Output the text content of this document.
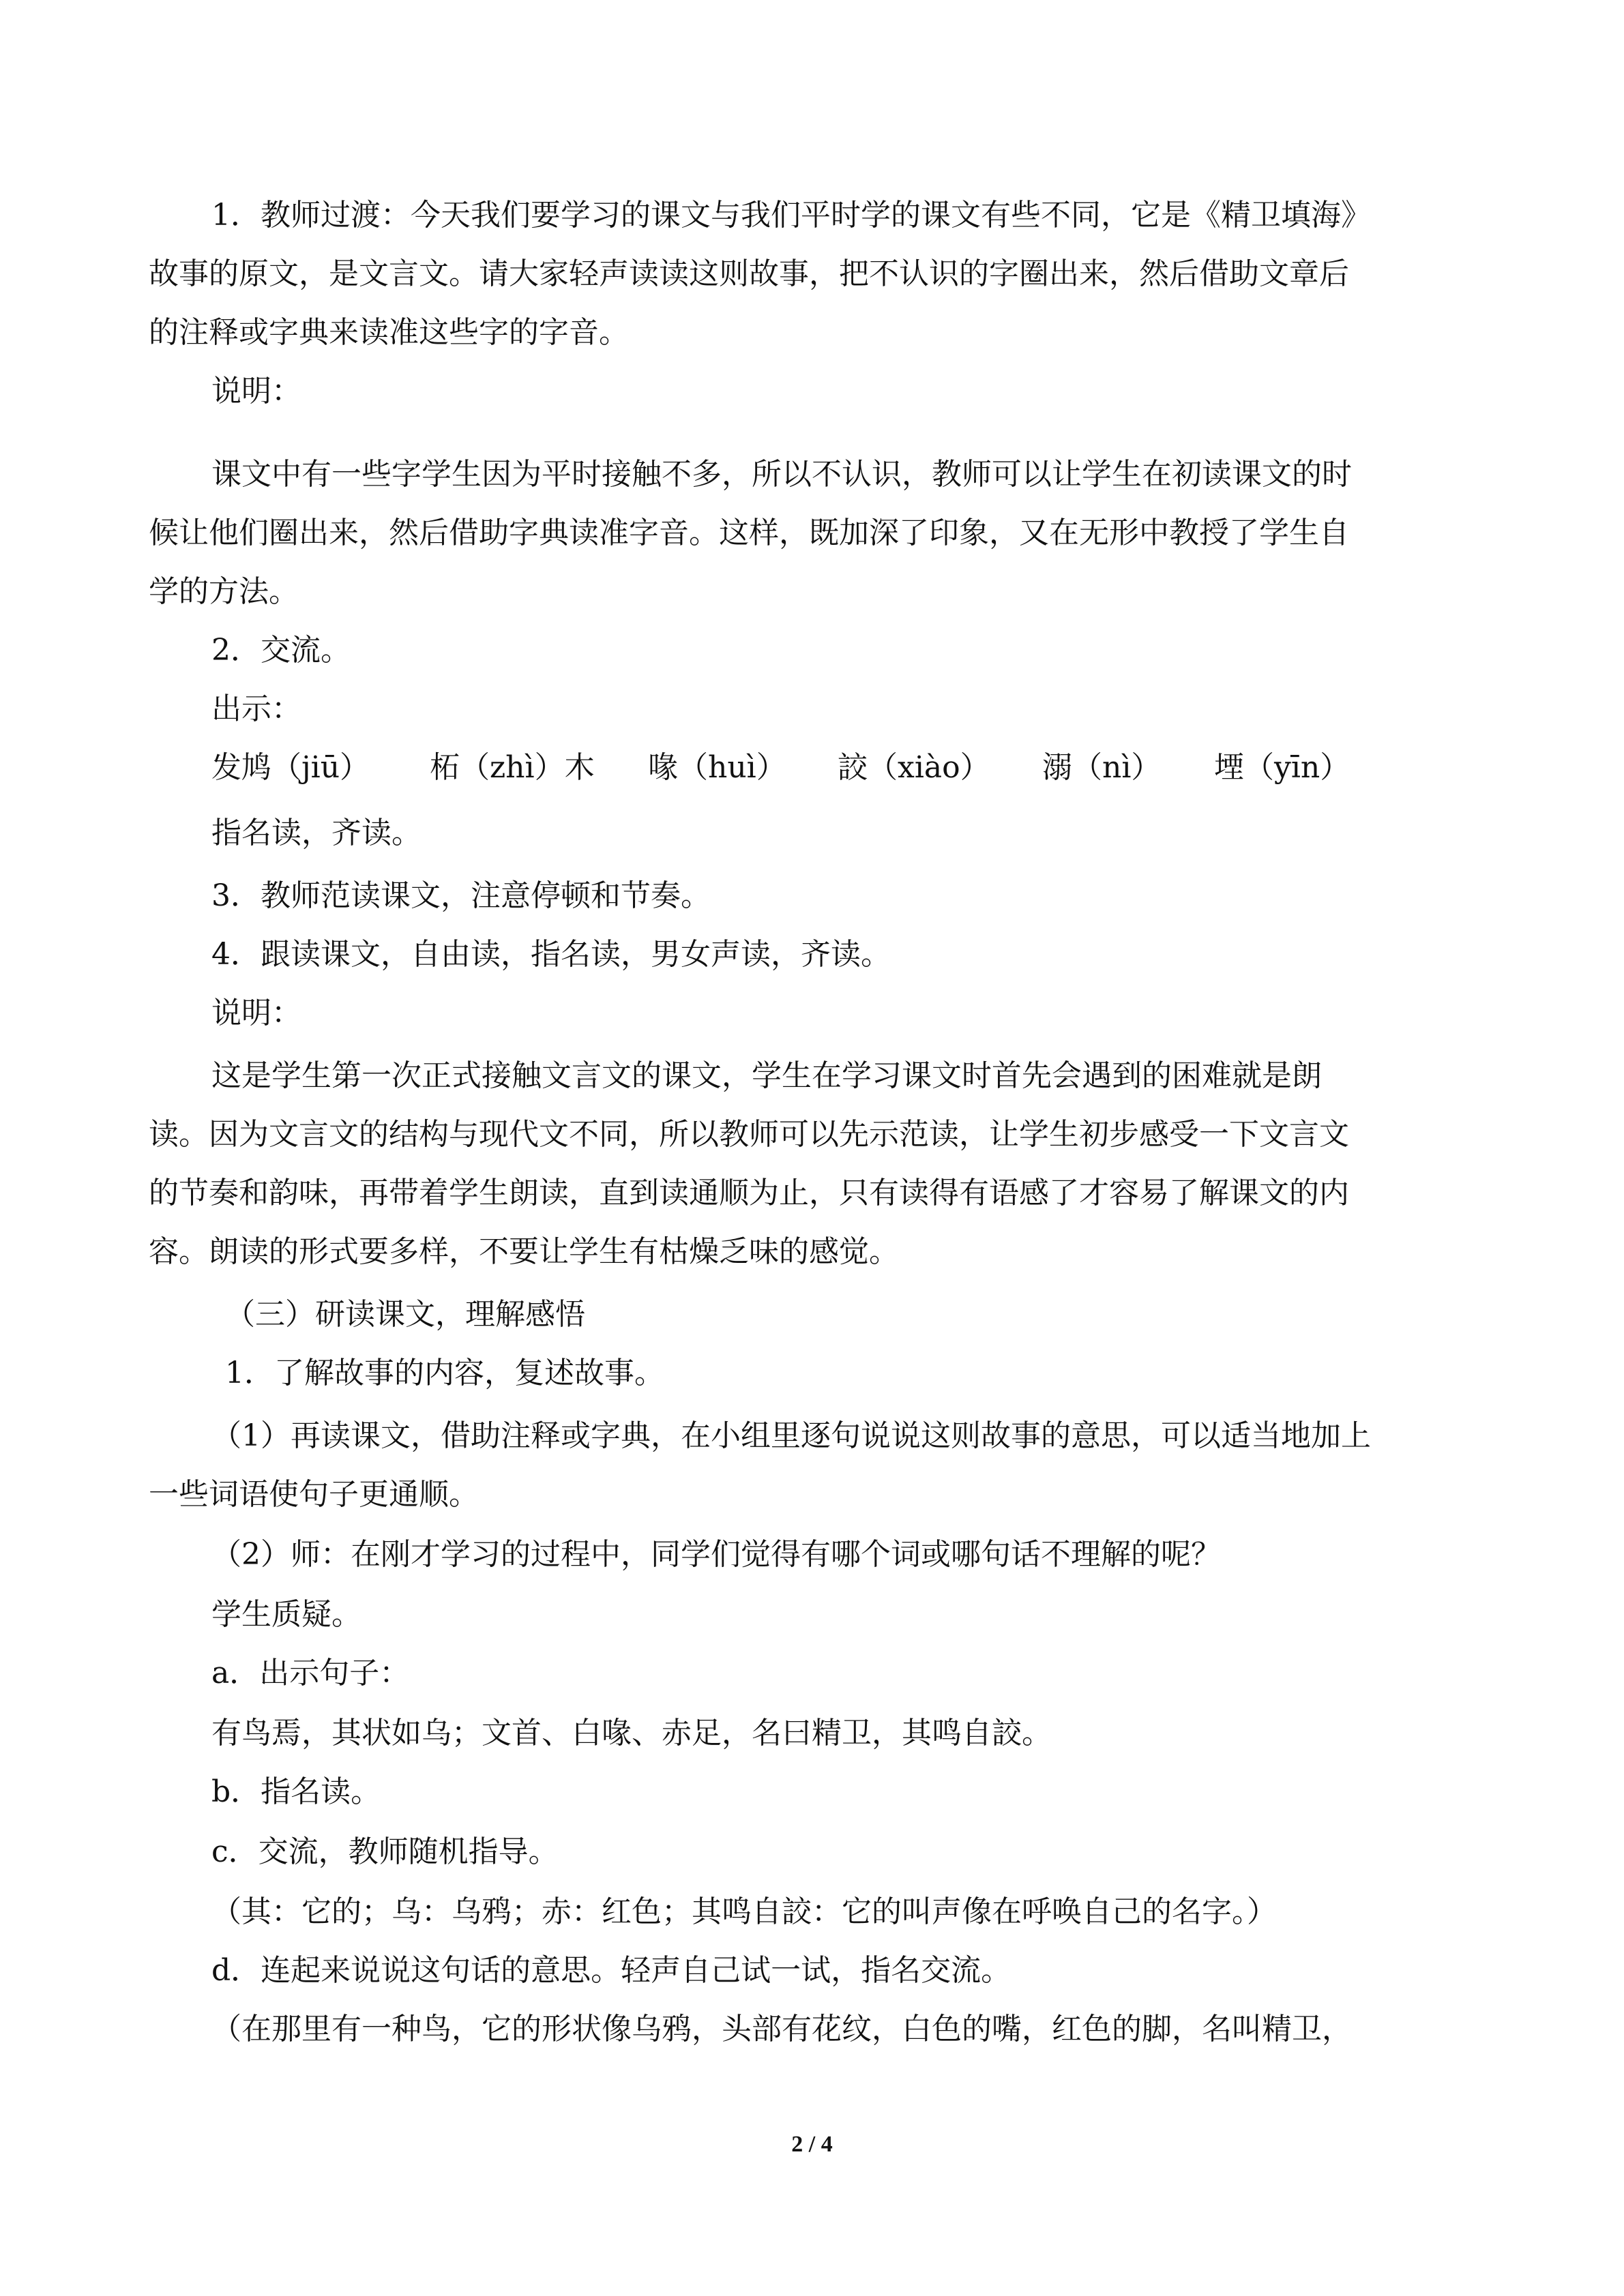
1．教师过渡：今天我们要学习的课文与我们平时学的课文有些不同，它是《精卫填海》
故事的原文，是文言文。请大家轻声读读这则故事，把不认识的字圈出来，然后借助文章后
的注释或字典来读准这些字的字音。
说明：
课文中有一些字学生因为平时接触不多，所以不认识，教师可以让学生在初读课文的时
候让他们圈出来，然后借助字典读准字音。这样，既加深了印象，又在无形中教授了学生自
学的方法。
2．交流。
出示：
发鸠（jiū） 柘（zhì）木 喙（huì） 詨（xiào） 溺（nì） 堙（yīn）
指名读，齐读。
3．教师范读课文，注意停顿和节奏。
4．跟读课文，自由读，指名读，男女声读，齐读。
说明：
这是学生第一次正式接触文言文的课文，学生在学习课文时首先会遇到的困难就是朗
读。因为文言文的结构与现代文不同，所以教师可以先示范读，让学生初步感受一下文言文
的节奏和韵味，再带着学生朗读，直到读通顺为止，只有读得有语感了才容易了解课文的内
容。朗读的形式要多样，不要让学生有枯燥乏味的感觉。
（三）研读课文，理解感悟
1．了解故事的内容，复述故事。
（1）再读课文，借助注释或字典，在小组里逐句说说这则故事的意思，可以适当地加上
一些词语使句子更通顺。
（2）师：在刚才学习的过程中，同学们觉得有哪个词或哪句话不理解的呢？
学生质疑。
a．出示句子：
有鸟焉，其状如乌；文首、白喙、赤足，名曰精卫，其鸣自詨。
b．指名读。
c．交流，教师随机指导。
（其：它的；乌：乌鸦；赤：红色；其鸣自詨：它的叫声像在呼唤自己的名字。）
d．连起来说说这句话的意思。轻声自己试一试，指名交流。
（在那里有一种鸟，它的形状像乌鸦，头部有花纹，白色的嘴，红色的脚，名叫精卫，
2 / 4
